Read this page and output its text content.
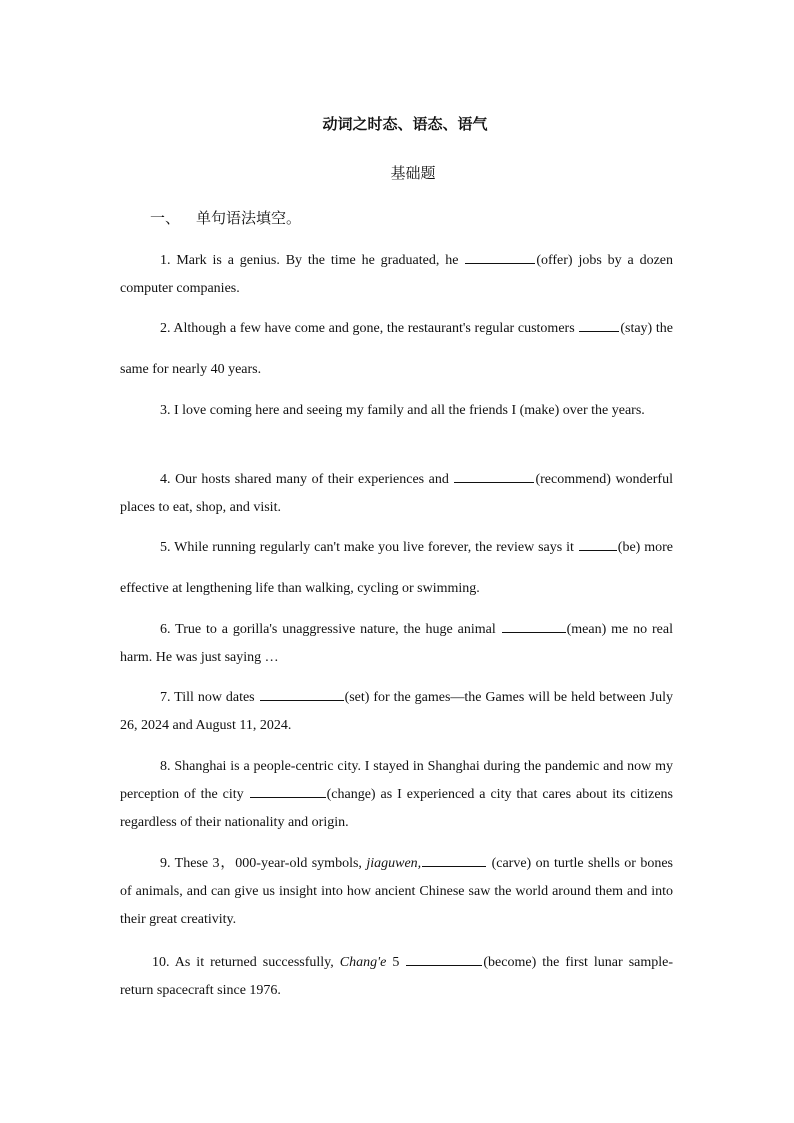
动词之时态、语态、语气
基础题
一、 单句语法填空。
1. Mark is a genius. By the time he graduated, he	(offer) jobs by a dozen computer companies.
2. Although a few have come and gone, the restaurant's regular customers	(stay) the same for nearly 40 years.
3. I love coming here and seeing my family and all the friends I (make) over the years.
4. Our hosts shared many of their experiences and	(recommend) wonderful places to eat, shop, and visit.
5. While running regularly can't make you live forever, the review says it	(be) more effective at lengthening life than walking, cycling or swimming.
6. True to a gorilla's unaggressive nature, the huge animal	(mean) me no real harm. He was just saying …
7. Till now dates	(set) for the games—the Games will be held between July 26, 2024 and August 11, 2024.
8. Shanghai is a people-centric city. I stayed in Shanghai during the pandemic and now my perception of the city	(change) as I experienced a city that cares about its citizens regardless of their nationality and origin.
9. These 3，000-year-old symbols, jiaguwen,	(carve) on turtle shells or bones of animals, and can give us insight into how ancient Chinese saw the world around them and into their great creativity.
10. As it returned successfully, Chang'e 5	(become) the first lunar sample-return spacecraft since 1976.
